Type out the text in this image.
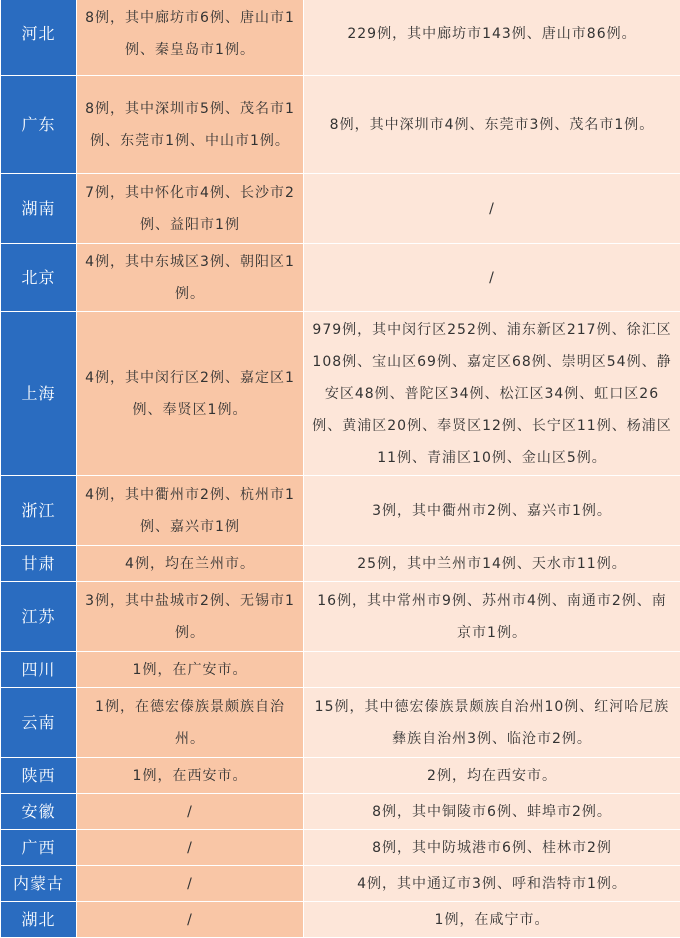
河北	8例，其中廊坊市6例、唐山市1例、秦皇岛市1例。	229例，其中廊坊市143例、唐山市86例。
广东	8例，其中深圳市5例、茂名市1例、东莞市1例、中山市1例。	8例，其中深圳市4例、东莞市3例、茂名市1例。
湖南	7例，其中怀化市4例、长沙市2例、益阳市1例	/
北京	4例，其中东城区3例、朝阳区1例。	/
上海	4例，其中闵行区2例、嘉定区1例、奉贤区1例。	979例，其中闵行区252例、浦东新区217例、徐汇区108例、宝山区69例、嘉定区68例、崇明区54例、静安区48例、普陀区34例、松江区34例、虹口区26例、黄浦区20例、奉贤区12例、长宁区11例、杨浦区11例、青浦区10例、金山区5例。
浙江	4例，其中衢州市2例、杭州市1例、嘉兴市1例	3例，其中衢州市2例、嘉兴市1例。
甘肃	4例，均在兰州市。	25例，其中兰州市14例、天水市11例。
江苏	3例，其中盐城市2例、无锡市1例。	16例，其中常州市9例、苏州市4例、南通市2例、南京市1例。
四川	1例，在广安市。	
云南	1例，在德宏傣族景颇族自治州。	15例，其中德宏傣族景颇族自治州10例、红河哈尼族彝族自治州3例、临沧市2例。
陕西	1例，在西安市。	2例，均在西安市。
安徽	/	8例，其中铜陵市6例、蚌埠市2例。
广西	/	8例，其中防城港市6例、桂林市2例
内蒙古	/	4例，其中通辽市3例、呼和浩特市1例。
湖北	/	1例，在咸宁市。
